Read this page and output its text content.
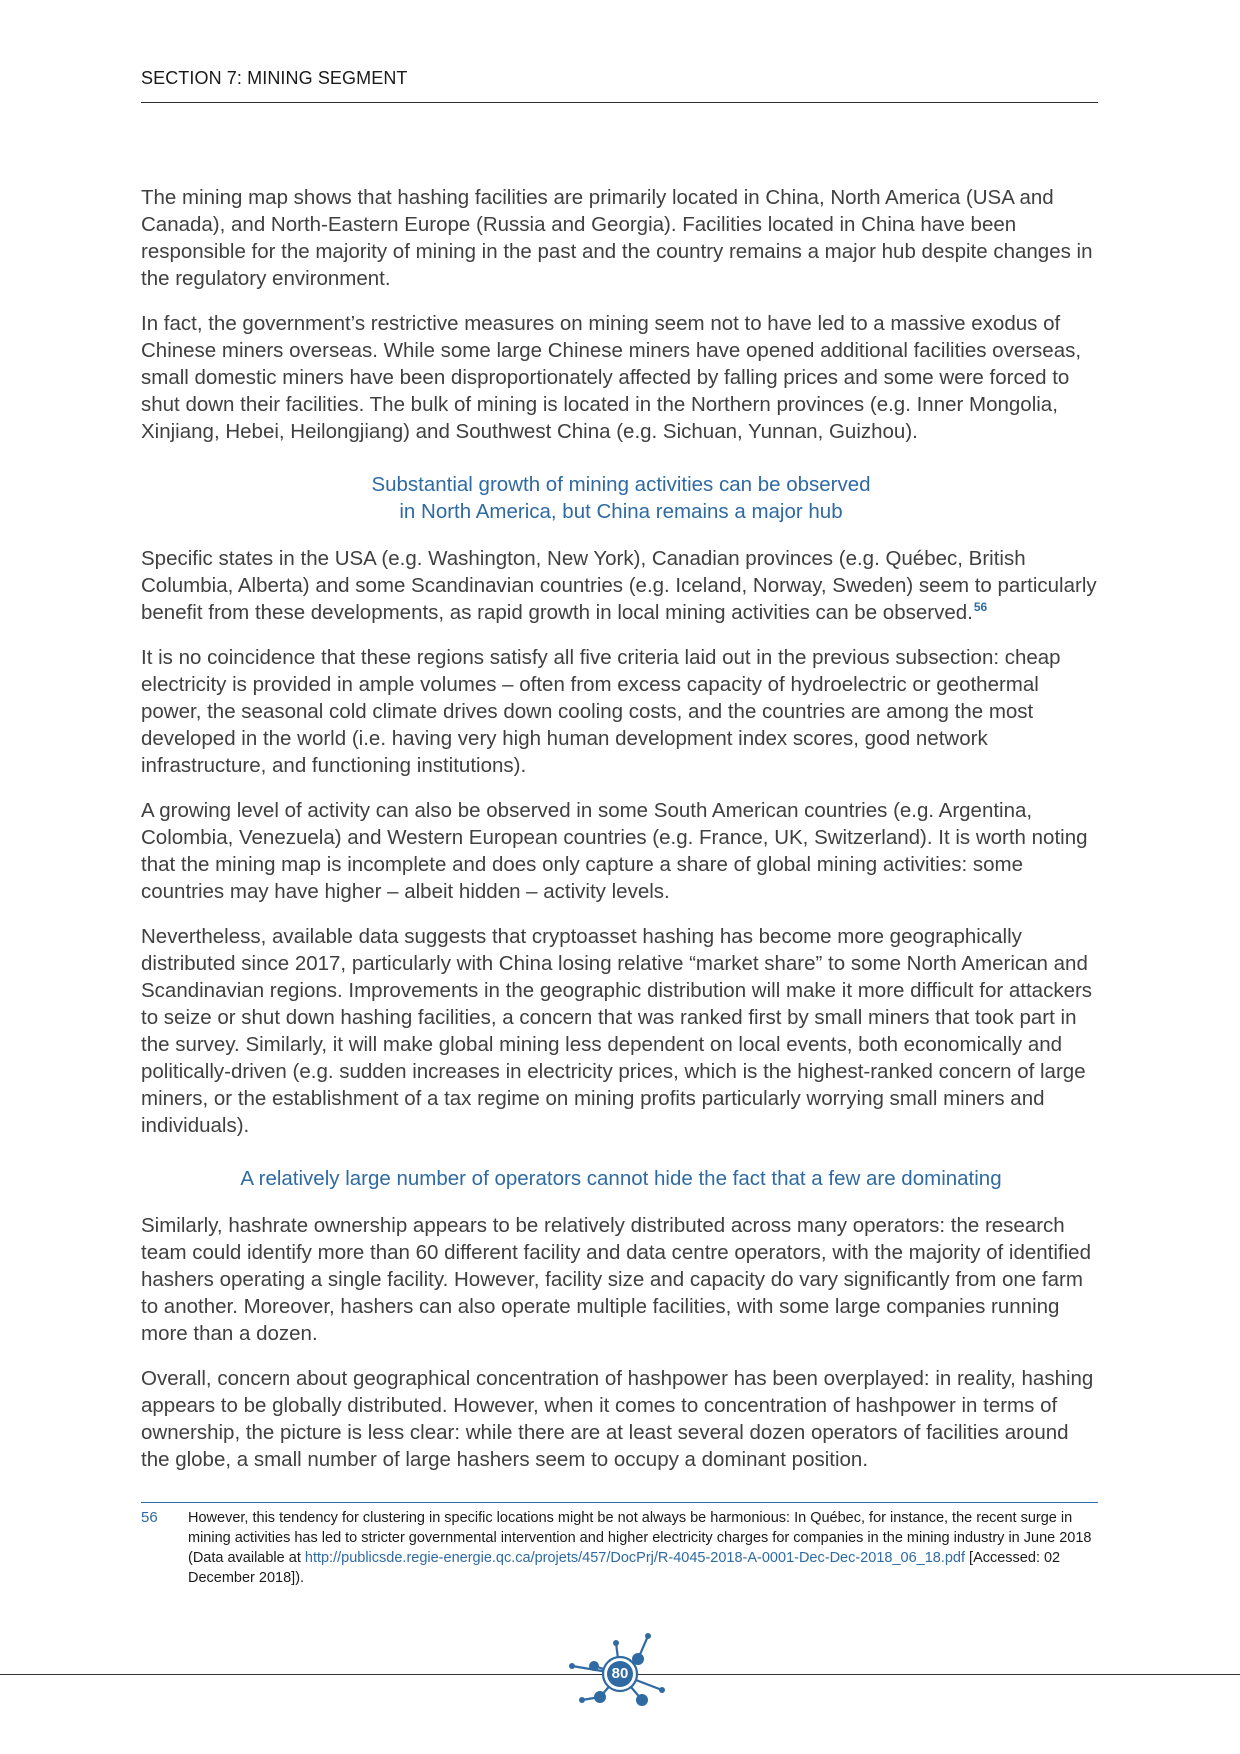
SECTION 7: MINING SEGMENT

The mining map shows that hashing facilities are primarily located in China, North America (USA and Canada), and North-Eastern Europe (Russia and Georgia). Facilities located in China have been responsible for the majority of mining in the past and the country remains a major hub despite changes in the regulatory environment.

In fact, the government’s restrictive measures on mining seem not to have led to a massive exodus of Chinese miners overseas. While some large Chinese miners have opened additional facilities overseas, small domestic miners have been disproportionately affected by falling prices and some were forced to shut down their facilities. The bulk of mining is located in the Northern provinces (e.g. Inner Mongolia, Xinjiang, Hebei, Heilongjiang) and Southwest China (e.g. Sichuan, Yunnan, Guizhou).

Substantial growth of mining activities can be observed
in North America, but China remains a major hub

Specific states in the USA (e.g. Washington, New York), Canadian provinces (e.g. Québec, British Columbia, Alberta) and some Scandinavian countries (e.g. Iceland, Norway, Sweden) seem to particularly benefit from these developments, as rapid growth in local mining activities can be observed.$^{56}$

It is no coincidence that these regions satisfy all five criteria laid out in the previous subsection: cheap electricity is provided in ample volumes – often from excess capacity of hydroelectric or geothermal power, the seasonal cold climate drives down cooling costs, and the countries are among the most developed in the world (i.e. having very high human development index scores, good network infrastructure, and functioning institutions).

A growing level of activity can also be observed in some South American countries (e.g. Argentina, Colombia, Venezuela) and Western European countries (e.g. France, UK, Switzerland). It is worth noting that the mining map is incomplete and does only capture a share of global mining activities: some countries may have higher – albeit hidden – activity levels.

Nevertheless, available data suggests that cryptoasset hashing has become more geographically distributed since 2017, particularly with China losing relative “market share” to some North American and Scandinavian regions. Improvements in the geographic distribution will make it more difficult for attackers to seize or shut down hashing facilities, a concern that was ranked first by small miners that took part in the survey. Similarly, it will make global mining less dependent on local events, both economically and politically-driven (e.g. sudden increases in electricity prices, which is the highest-ranked concern of large miners, or the establishment of a tax regime on mining profits particularly worrying small miners and individuals).

A relatively large number of operators cannot hide the fact that a few are dominating

Similarly, hashrate ownership appears to be relatively distributed across many operators: the research team could identify more than 60 different facility and data centre operators, with the majority of identified hashers operating a single facility. However, facility size and capacity do vary significantly from one farm to another. Moreover, hashers can also operate multiple facilities, with some large companies running more than a dozen.

Overall, concern about geographical concentration of hashpower has been overplayed: in reality, hashing appears to be globally distributed. However, when it comes to concentration of hashpower in terms of ownership, the picture is less clear: while there are at least several dozen operators of facilities around the globe, a small number of large hashers seem to occupy a dominant position.

56 However, this tendency for clustering in specific locations might be not always be harmonious: In Québec, for instance, the recent surge in mining activities has led to stricter governmental intervention and higher electricity charges for companies in the mining industry in June 2018 (Data available at http://publicsde.regie-energie.qc.ca/projets/457/DocPrj/R-4045-2018-A-0001-Dec-Dec-2018_06_18.pdf [Accessed: 02 December 2018]).
80
